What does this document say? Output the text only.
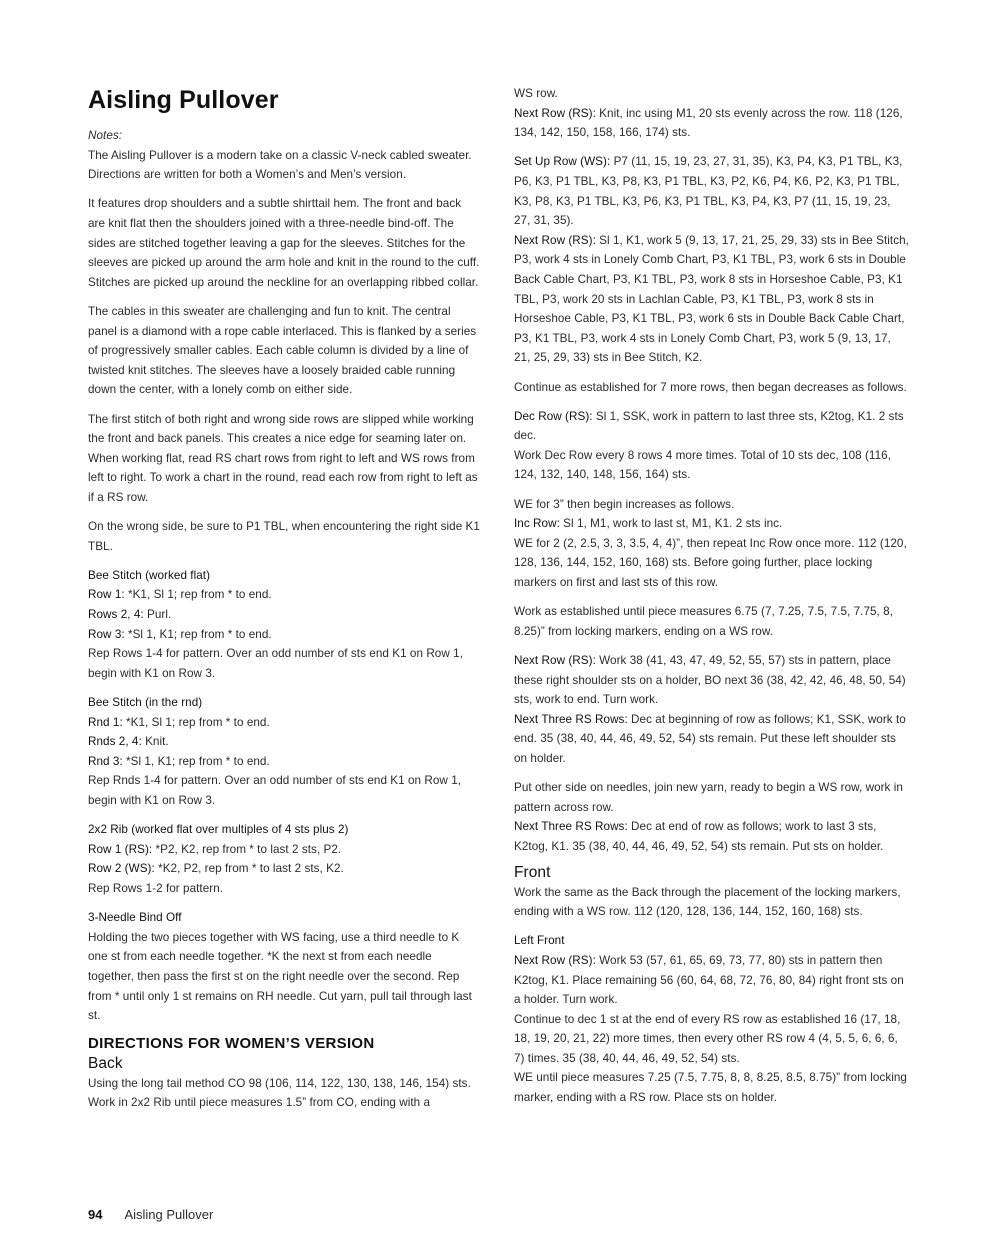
Aisling Pullover

Notes:

The Aisling Pullover is a modern take on a classic V-neck cabled sweater. Directions are written for both a Women’s and Men’s version.

It features drop shoulders and a subtle shirttail hem. The front and back are knit flat then the shoulders joined with a three-needle bind-off. The sides are stitched together leaving a gap for the sleeves. Stitches for the sleeves are picked up around the arm hole and knit in the round to the cuff. Stitches are picked up around the neckline for an overlapping ribbed collar.

The cables in this sweater are challenging and fun to knit. The central panel is a diamond with a rope cable interlaced. This is flanked by a series of progressively smaller cables. Each cable column is divided by a line of twisted knit stitches. The sleeves have a loosely braided cable running down the center, with a lonely comb on either side.

The first stitch of both right and wrong side rows are slipped while working the front and back panels. This creates a nice edge for seaming later on. When working flat, read RS chart rows from right to left and WS rows from left to right. To work a chart in the round, read each row from right to left as if a RS row.

On the wrong side, be sure to P1 TBL, when encountering the right side K1 TBL.

Bee Stitch (worked flat)

Row 1: *K1, Sl 1; rep from * to end.

Rows 2, 4: Purl.

Row 3: *Sl 1, K1; rep from * to end.

Rep Rows 1-4 for pattern. Over an odd number of sts end K1 on Row 1, begin with K1 on Row 3.

Bee Stitch (in the rnd)

Rnd 1: *K1, Sl 1; rep from * to end.

Rnds 2, 4: Knit.

Rnd 3: *Sl 1, K1; rep from * to end.

Rep Rnds 1-4 for pattern. Over an odd number of sts end K1 on Row 1, begin with K1 on Row 3.

2x2 Rib (worked flat over multiples of 4 sts plus 2)

Row 1 (RS): *P2, K2, rep from * to last 2 sts, P2.

Row 2 (WS): *K2, P2, rep from * to last 2 sts, K2.

Rep Rows 1-2 for pattern.

3-Needle Bind Off

Holding the two pieces together with WS facing, use a third needle to K one st from each needle together. *K the next st from each needle together, then pass the first st on the right needle over the second. Rep from * until only 1 st remains on RH needle. Cut yarn, pull tail through last st.

DIRECTIONS FOR WOMEN’S VERSION

Back

Using the long tail method CO 98 (106, 114, 122, 130, 138, 146, 154) sts.

Work in 2x2 Rib until piece measures 1.5” from CO, ending with a

WS row.

Next Row (RS): Knit, inc using M1, 20 sts evenly across the row. 118 (126, 134, 142, 150, 158, 166, 174) sts.

Set Up Row (WS): P7 (11, 15, 19, 23, 27, 31, 35), K3, P4, K3, P1 TBL, K3, P6, K3, P1 TBL, K3, P8, K3, P1 TBL, K3, P2, K6, P4, K6, P2, K3, P1 TBL, K3, P8, K3, P1 TBL, K3, P6, K3, P1 TBL, K3, P4, K3, P7 (11, 15, 19, 23, 27, 31, 35).

Next Row (RS): Sl 1, K1, work 5 (9, 13, 17, 21, 25, 29, 33) sts in Bee Stitch, P3, work 4 sts in Lonely Comb Chart, P3, K1 TBL, P3, work 6 sts in Double Back Cable Chart, P3, K1 TBL, P3, work 8 sts in Horseshoe Cable, P3, K1 TBL, P3, work 20 sts in Lachlan Cable, P3, K1 TBL, P3, work 8 sts in Horseshoe Cable, P3, K1 TBL, P3, work 6 sts in Double Back Cable Chart, P3, K1 TBL, P3, work 4 sts in Lonely Comb Chart, P3, work 5 (9, 13, 17, 21, 25, 29, 33) sts in Bee Stitch, K2.

Continue as established for 7 more rows, then began decreases as follows.

Dec Row (RS): Sl 1, SSK, work in pattern to last three sts, K2tog, K1. 2 sts dec.

Work Dec Row every 8 rows 4 more times. Total of 10 sts dec, 108 (116, 124, 132, 140, 148, 156, 164) sts.

WE for 3” then begin increases as follows.

Inc Row: Sl 1, M1, work to last st, M1, K1. 2 sts inc.

WE for 2 (2, 2.5, 3, 3, 3.5, 4, 4)”, then repeat Inc Row once more. 112 (120, 128, 136, 144, 152, 160, 168) sts. Before going further, place locking markers on first and last sts of this row.

Work as established until piece measures 6.75 (7, 7.25, 7.5, 7.5, 7.75, 8, 8.25)” from locking markers, ending on a WS row.

Next Row (RS): Work 38 (41, 43, 47, 49, 52, 55, 57) sts in pattern, place these right shoulder sts on a holder, BO next 36 (38, 42, 42, 46, 48, 50, 54) sts, work to end. Turn work.

Next Three RS Rows: Dec at beginning of row as follows; K1, SSK, work to end. 35 (38, 40, 44, 46, 49, 52, 54) sts remain. Put these left shoulder sts on holder.

Put other side on needles, join new yarn, ready to begin a WS row, work in pattern across row.

Next Three RS Rows: Dec at end of row as follows; work to last 3 sts, K2tog, K1. 35 (38, 40, 44, 46, 49, 52, 54) sts remain. Put sts on holder.

Front

Work the same as the Back through the placement of the locking markers, ending with a WS row. 112 (120, 128, 136, 144, 152, 160, 168) sts.

Left Front

Next Row (RS): Work 53 (57, 61, 65, 69, 73, 77, 80) sts in pattern then K2tog, K1. Place remaining 56 (60, 64, 68, 72, 76, 80, 84) right front sts on a holder. Turn work.

Continue to dec 1 st at the end of every RS row as established 16 (17, 18, 18, 19, 20, 21, 22) more times, then every other RS row 4 (4, 5, 5, 6, 6, 6, 7) times. 35 (38, 40, 44, 46, 49, 52, 54) sts.

WE until piece measures 7.25 (7.5, 7.75, 8, 8, 8.25, 8.5, 8.75)” from locking marker, ending with a RS row. Place sts on holder.

94 Aisling Pullover
